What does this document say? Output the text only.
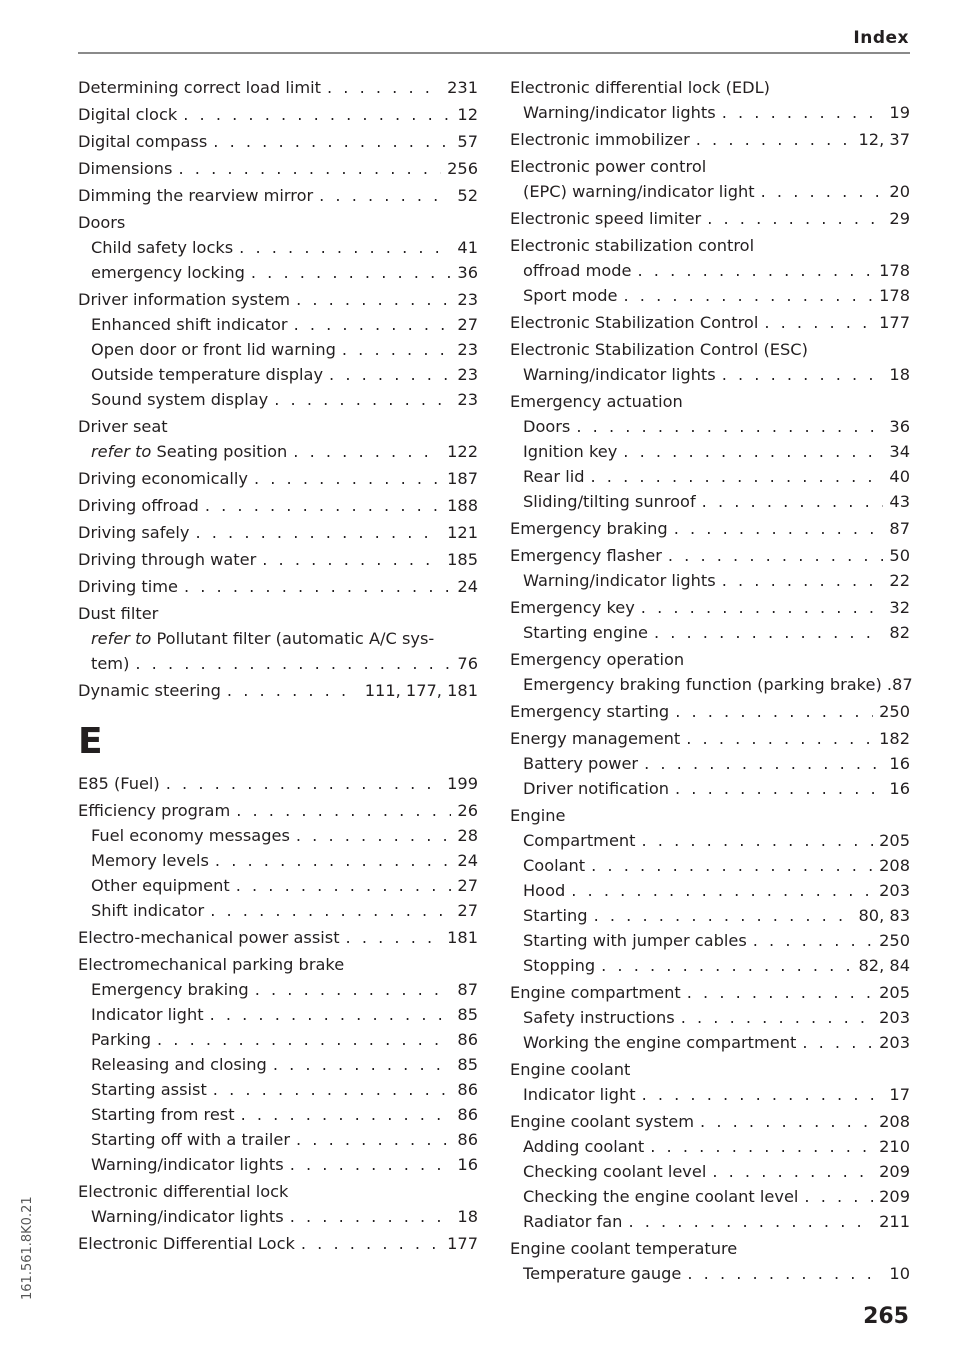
Index
Determining correct load limit . . .	231
Digital clock . . .	12
Digital compass . . .	57
Dimensions . . .	256
Dimming the rearview mirror . . .	52
Doors
Child safety locks . . .	41
emergency locking . . .	36
Driver information system . . .	23
Enhanced shift indicator . . .	27
Open door or front lid warning . . .	23
Outside temperature display . . .	23
Sound system display . . .	23
Driver seat
refer to
Seating position . . .	122
Driving economically . . .	187
Driving offroad . . .	188
Driving safely . . .	121
Driving through water . . .	185
Driving time . . .	24
Dust filter
refer to
Pollutant filter (automatic A/C sys-
tem) . . .	76
Dynamic steering . . .	111, 177, 181
E
E85 (Fuel) . . .	199
Efficiency program . . .	26
Fuel economy messages . . .	28
Memory levels . . .	24
Other equipment . . .	27
Shift indicator . . .	27
Electro-mechanical power assist . . .	181
Electromechanical parking brake
Emergency braking . . .	87
Indicator light . . .	85
Parking . . .	86
Releasing and closing . . .	85
Starting assist . . .	86
Starting from rest . . .	86
Starting off with a trailer . . .	86
Warning/indicator lights . . .	16
Electronic differential lock
Warning/indicator lights . . .	18
Electronic Differential Lock . . .	177
Electronic differential lock (EDL)
Warning/indicator lights . . .	19
Electronic immobilizer . . .	12, 37
Electronic power control
(EPC) warning/indicator light . . .	20
Electronic speed limiter . . .	29
Electronic stabilization control
offroad mode . . .	178
Sport mode . . .	178
Electronic Stabilization Control . . .	177
Electronic Stabilization Control (ESC)
Warning/indicator lights . . .	18
Emergency actuation
Doors . . .	36
Ignition key . . .	34
Rear lid . . .	40
Sliding/tilting sunroof . . .	43
Emergency braking . . .	87
Emergency flasher . . .	50
Warning/indicator lights . . .	22
Emergency key . . .	32
Starting engine . . .	82
Emergency operation
Emergency braking function (parking brake) .87
Emergency starting . . .	250
Energy management . . .	182
Battery power . . .	16
Driver notification . . .	16
Engine
Compartment . . .	205
Coolant . . .	208
Hood . . .	203
Starting . . .	80, 83
Starting with jumper cables . . .	250
Stopping . . .	82, 84
Engine compartment . . .	205
Safety instructions . . .	203
Working the engine compartment . . .	203
Engine coolant
Indicator light . . .	17
Engine coolant system . . .	208
Adding coolant . . .	210
Checking coolant level . . .	209
Checking the engine coolant level . . .	209
Radiator fan . . .	211
Engine coolant temperature
Temperature gauge . . .	10
265
161.561.8K0.21
